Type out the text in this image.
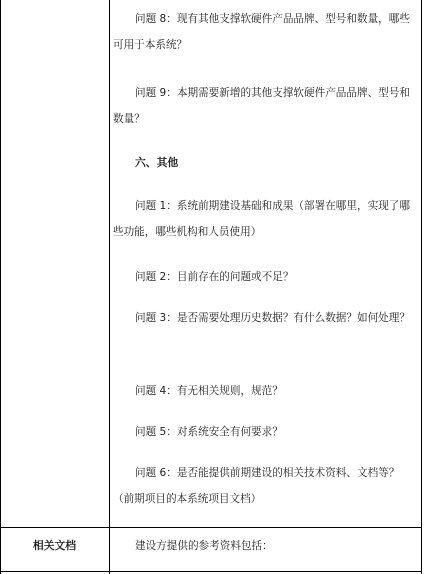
问题 8：现有其他支撑软硬件产品品牌、型号和数量，哪些可用于本系统？
问题 9：本期需要新增的其他支撑软硬件产品品牌、型号和数量？
六、其他
问题 1：系统前期建设基础和成果（部署在哪里，实现了哪些功能，哪些机构和人员使用）
问题 2：目前存在的问题或不足？
问题 3：是否需要处理历史数据？有什么数据？如何处理？
问题 4：有无相关规则，规范？
问题 5：对系统安全有何要求？
问题 6：是否能提供前期建设的相关技术资料、文档等？（前期项目的本系统项目文档）
相关文档	建设方提供的参考资料包括：
